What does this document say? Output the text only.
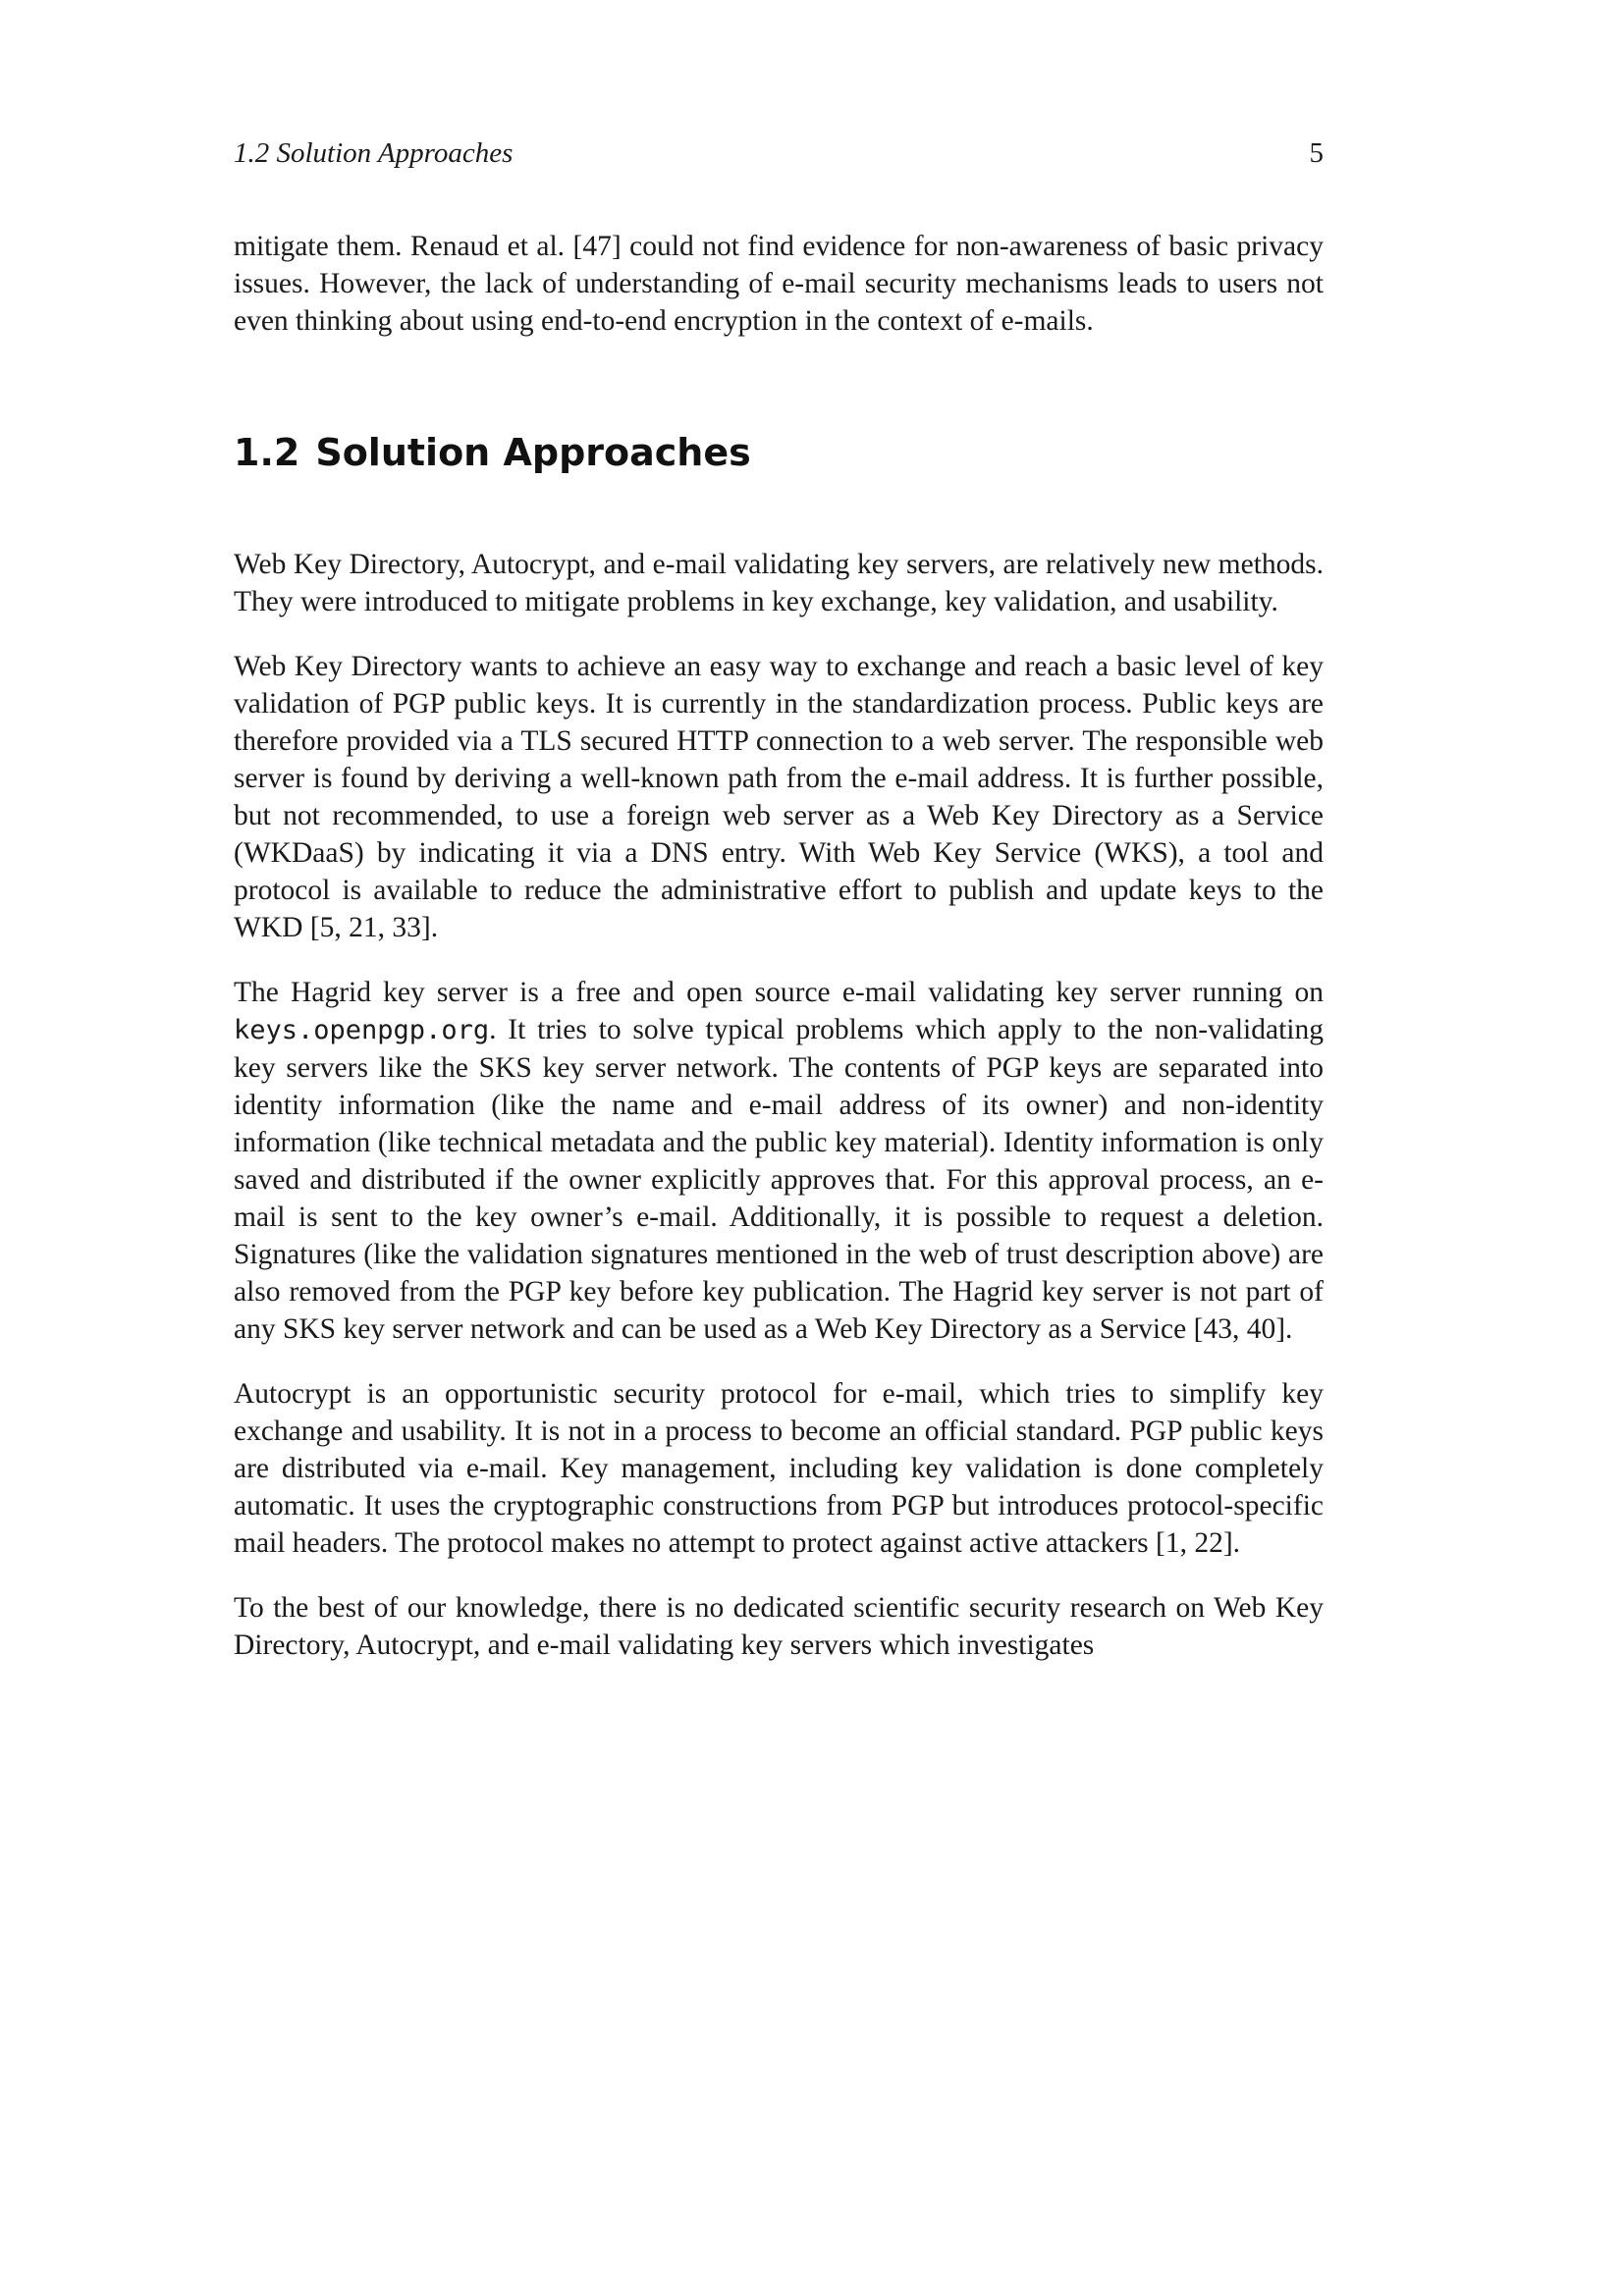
1.2 Solution Approaches	5

mitigate them. Renaud et al. [47] could not find evidence for non-awareness of basic privacy issues. However, the lack of understanding of e-mail security mechanisms leads to users not even thinking about using end-to-end encryption in the context of e-mails.

1.2 Solution Approaches

Web Key Directory, Autocrypt, and e-mail validating key servers, are relatively new methods. They were introduced to mitigate problems in key exchange, key validation, and usability.

Web Key Directory wants to achieve an easy way to exchange and reach a basic level of key validation of PGP public keys. It is currently in the standardization process. Public keys are therefore provided via a TLS secured HTTP connection to a web server. The responsible web server is found by deriving a well-known path from the e-mail address. It is further possible, but not recommended, to use a foreign web server as a Web Key Directory as a Service (WKDaaS) by indicating it via a DNS entry. With Web Key Service (WKS), a tool and protocol is available to reduce the administrative effort to publish and update keys to the WKD [5, 21, 33].

The Hagrid key server is a free and open source e-mail validating key server running on keys.openpgp.org. It tries to solve typical problems which apply to the non-validating key servers like the SKS key server network. The contents of PGP keys are separated into identity information (like the name and e-mail address of its owner) and non-identity information (like technical metadata and the public key material). Identity information is only saved and distributed if the owner explicitly approves that. For this approval process, an e-mail is sent to the key owner’s e-mail. Additionally, it is possible to request a deletion. Signatures (like the validation signatures mentioned in the web of trust description above) are also removed from the PGP key before key publication. The Hagrid key server is not part of any SKS key server network and can be used as a Web Key Directory as a Service [43, 40].

Autocrypt is an opportunistic security protocol for e-mail, which tries to simplify key exchange and usability. It is not in a process to become an official standard. PGP public keys are distributed via e-mail. Key management, including key validation is done completely automatic. It uses the cryptographic constructions from PGP but introduces protocol-specific mail headers. The protocol makes no attempt to protect against active attackers [1, 22].

To the best of our knowledge, there is no dedicated scientific security research on Web Key Directory, Autocrypt, and e-mail validating key servers which investigates
